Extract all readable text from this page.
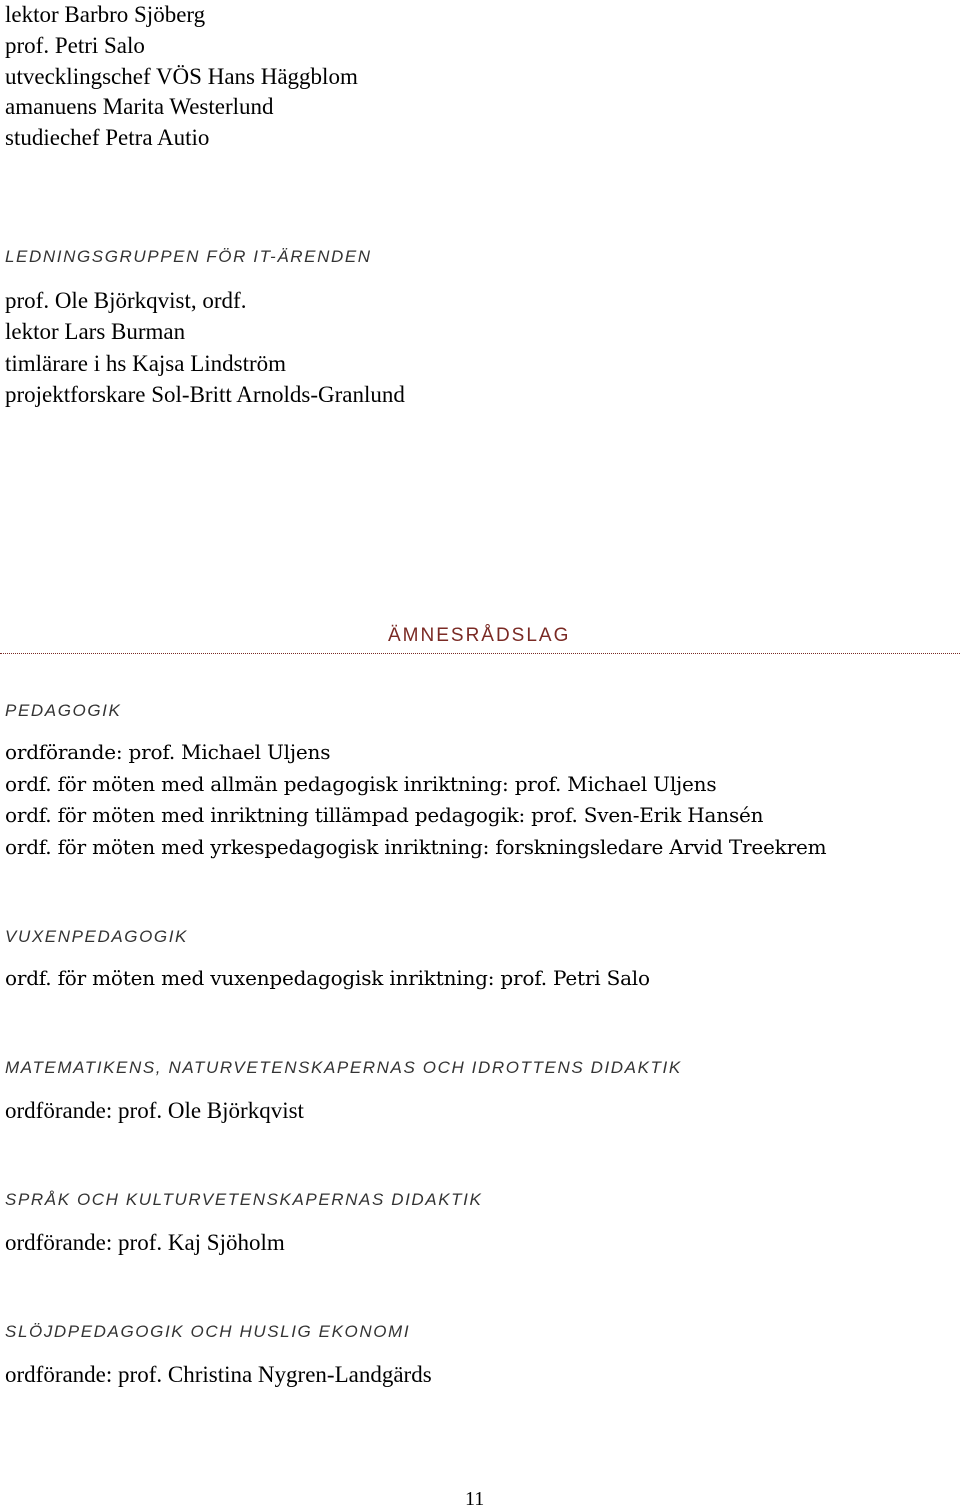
lektor Barbro Sjöberg
prof. Petri Salo
utvecklingschef VÖS Hans Häggblom
amanuens Marita Westerlund
studiechef Petra Autio
LEDNINGSGRUPPEN FÖR IT-ÄRENDEN
prof. Ole Björkqvist, ordf.
lektor Lars Burman
timlärare i hs Kajsa Lindström
projektforskare Sol-Britt Arnolds-Granlund
ÄMNESRÅDSLAG
PEDAGOGIK
ordförande: prof. Michael Uljens
ordf. för möten med allmän pedagogisk inriktning: prof. Michael Uljens
ordf. för möten med inriktning tillämpad pedagogik: prof. Sven-Erik Hansén
ordf. för möten med yrkespedagogisk inriktning: forskningsledare Arvid Treekrem
VUXENPEDAGOGIK
ordf. för möten med vuxenpedagogisk inriktning: prof. Petri Salo
MATEMATIKENS, NATURVETENSKAPERNAS OCH IDROTTENS DIDAKTIK
ordförande: prof. Ole Björkqvist
SPRÅK OCH KULTURVETENSKAPERNAS DIDAKTIK
ordförande: prof. Kaj Sjöholm
SLÖJDPEDAGOGIK OCH HUSLIG EKONOMI
ordförande: prof. Christina Nygren-Landgärds
11
